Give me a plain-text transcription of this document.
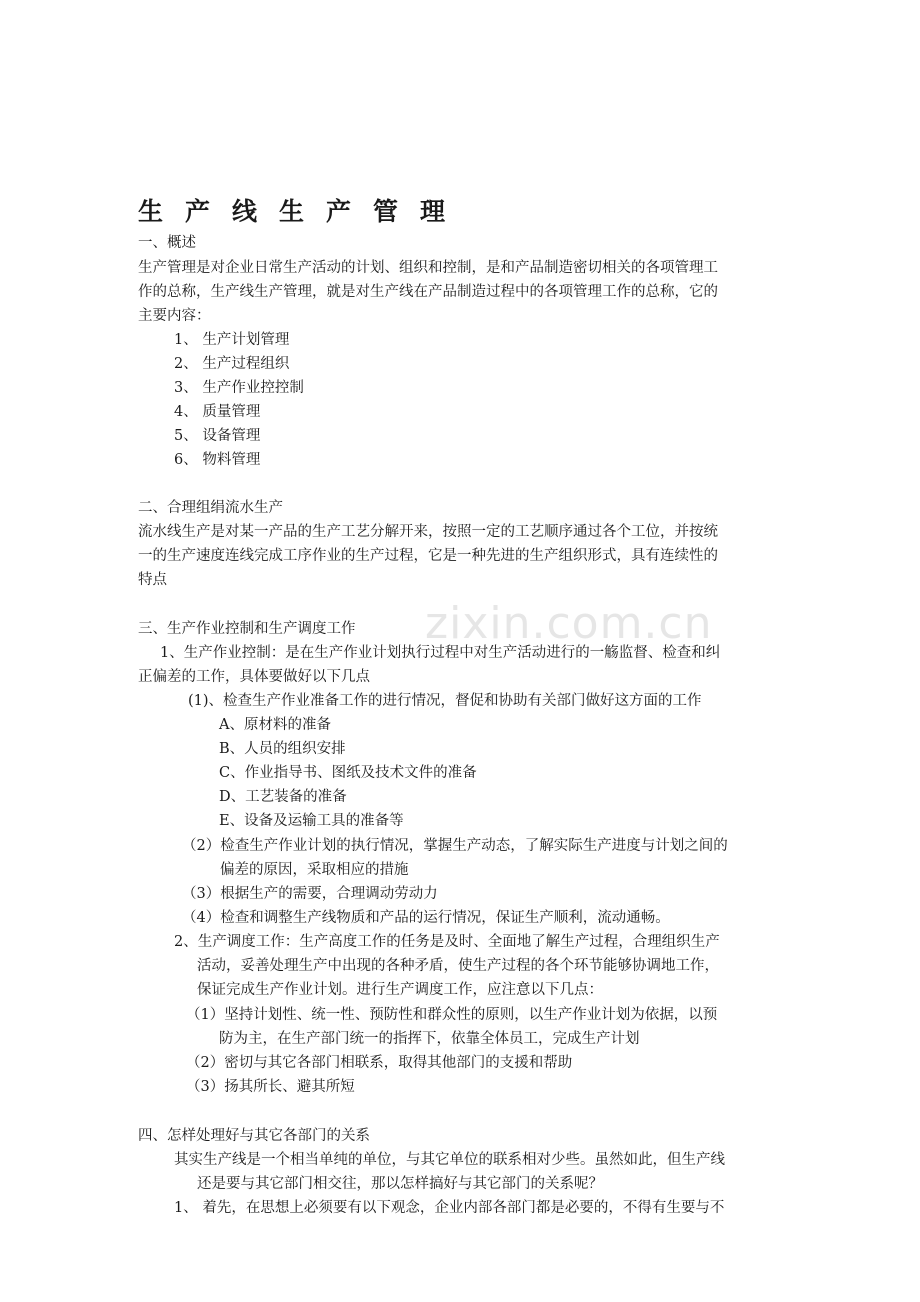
zixin.com.cn
生产线生产管理
一、概述
生产管理是对企业日常生产活动的计划、组织和控制，是和产品制造密切相关的各项管理工
作的总称，生产线生产管理，就是对生产线在产品制造过程中的各项管理工作的总称，它的
主要内容：
1、 生产计划管理
2、 生产过程组织
3、 生产作业控控制
4、 质量管理
5、 设备管理
6、 物料管理
二、合理组绢流水生产
流水线生产是对某一产品的生产工艺分解开来，按照一定的工艺顺序通过各个工位，并按统
一的生产速度连线完成工序作业的生产过程，它是一种先进的生产组织形式，具有连续性的
特点
三、生产作业控制和生产调度工作
1、生产作业控制：是在生产作业计划执行过程中对生产活动进行的一觞监督、检查和纠
正偏差的工作，具体要做好以下几点
(1)、检查生产作业准备工作的进行情况，督促和协助有关部门做好这方面的工作
A、原材料的准备
B、人员的组织安排
C、作业指导书、图纸及技术文件的准备
D、工艺装备的准备
E、设备及运输工具的准备等
（2）检查生产作业计划的执行情况，掌握生产动态，了解实际生产进度与计划之间的
偏差的原因，采取相应的措施
（3）根据生产的需要，合理调动劳动力
（4）检查和调整生产线物质和产品的运行情况，保证生产顺利，流动通畅。
2、生产调度工作：生产高度工作的任务是及时、全面地了解生产过程，合理组织生产
活动，妥善处理生产中出现的各种矛盾，使生产过程的各个环节能够协调地工作，
保证完成生产作业计划。进行生产调度工作，应注意以下几点：
（1）坚持计划性、统一性、预防性和群众性的原则，以生产作业计划为依据，以预
防为主，在生产部门统一的指挥下，依靠全体员工，完成生产计划
（2）密切与其它各部门相联系，取得其他部门的支援和帮助
（3）扬其所长、避其所短
四、怎样处理好与其它各部门的关系
其实生产线是一个相当单纯的单位，与其它单位的联系相对少些。虽然如此，但生产线
还是要与其它部门相交往，那以怎样搞好与其它部门的关系呢？
1、 着先，在思想上必须要有以下观念，企业内部各部门都是必要的，不得有生要与不
